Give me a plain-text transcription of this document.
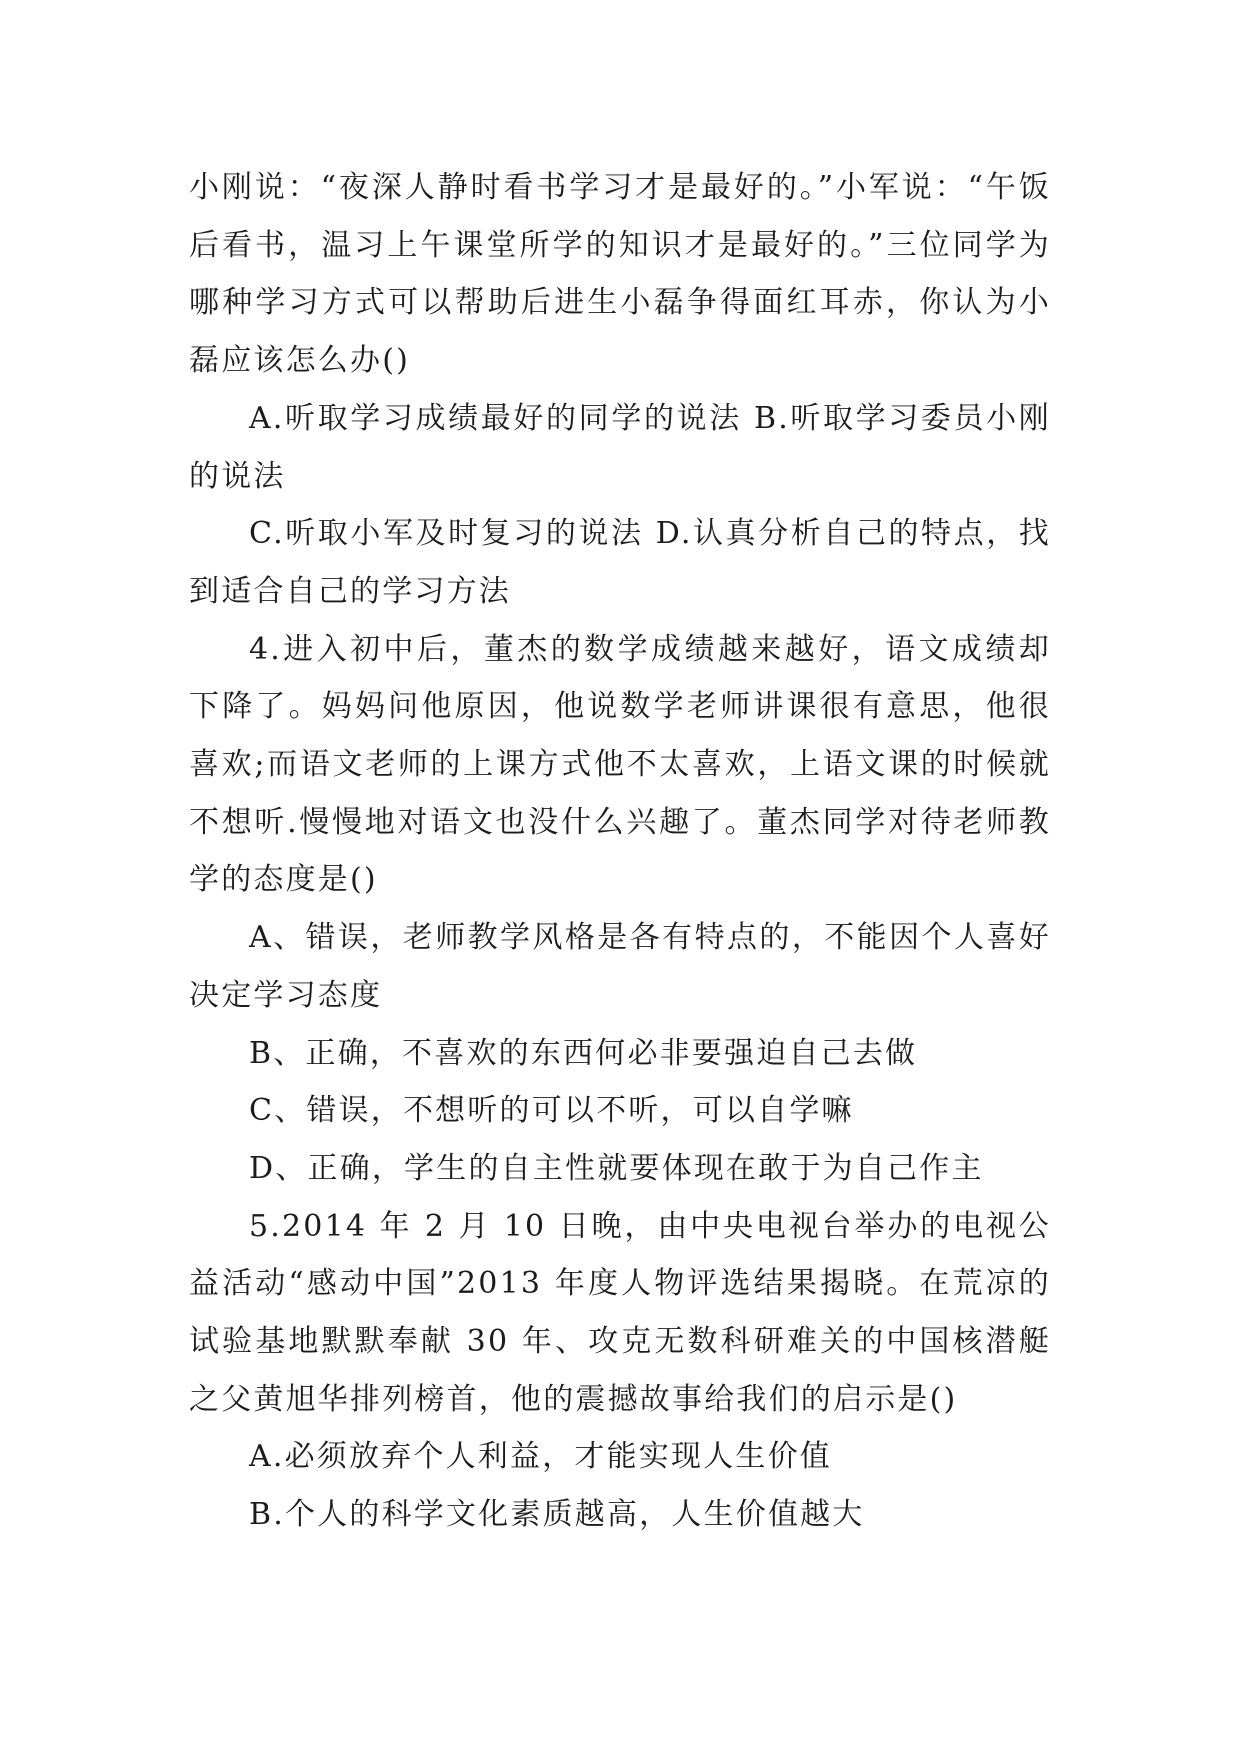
小刚说：“夜深人静时看书学习才是最好的。”小军说：“午饭后看书，温习上午课堂所学的知识才是最好的。”三位同学为哪种学习方式可以帮助后进生小磊争得面红耳赤，你认为小磊应该怎么办()

A.听取学习成绩最好的同学的说法 B.听取学习委员小刚的说法

C.听取小军及时复习的说法 D.认真分析自己的特点，找到适合自己的学习方法

4.进入初中后，董杰的数学成绩越来越好，语文成绩却下降了。妈妈问他原因，他说数学老师讲课很有意思，他很喜欢;而语文老师的上课方式他不太喜欢，上语文课的时候就不想听.慢慢地对语文也没什么兴趣了。董杰同学对待老师教学的态度是()

A、错误，老师教学风格是各有特点的，不能因个人喜好决定学习态度

B、正确，不喜欢的东西何必非要强迫自己去做

C、错误，不想听的可以不听，可以自学嘛

D、正确，学生的自主性就要体现在敢于为自己作主

5.2014 年 2 月 10 日晚，由中央电视台举办的电视公益活动“感动中国”2013 年度人物评选结果揭晓。在荒凉的试验基地默默奉献 30 年、攻克无数科研难关的中国核潜艇之父黄旭华排列榜首，他的震撼故事给我们的启示是()

A.必须放弃个人利益，才能实现人生价值

B.个人的科学文化素质越高，人生价值越大
